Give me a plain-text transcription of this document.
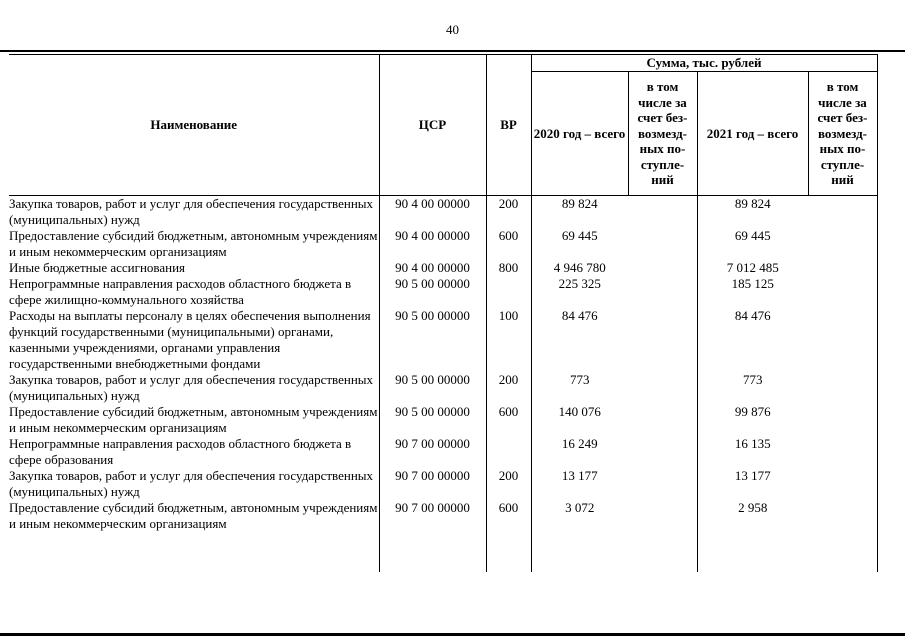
40
Наименование	ЦСР	ВР	Сумма, тыс. рублей			
			2020 год – всего	в том числе за счет без-возмезд-ных по-ступле-ний	2021 год – всего	в том числе за счет без-возмезд-ных по-ступле-ний
Закупка товаров, работ и услуг для обеспечения государственных (муниципальных) нужд	90 4 00 00000	200	89 824		89 824	
Предоставление субсидий бюджетным, автономным учреждениям и иным некоммерческим организациям	90 4 00 00000	600	69 445		69 445	
Иные бюджетные ассигнования	90 4 00 00000	800	4 946 780		7 012 485	
Непрограммные направления расходов областного бюджета в сфере жилищно-коммунального хозяйства	90 5 00 00000		225 325		185 125	
Расходы на выплаты персоналу в целях обеспечения выполнения функций государственными (муниципальными) органами, казенными учреждениями, органами управления государственными внебюджетными фондами	90 5 00 00000	100	84 476		84 476	
Закупка товаров, работ и услуг для обеспечения государственных (муниципальных) нужд	90 5 00 00000	200	773		773	
Предоставление субсидий бюджетным, автономным учреждениям и иным некоммерческим организациям	90 5 00 00000	600	140 076		99 876	
Непрограммные направления расходов областного бюджета в сфере образования	90 7 00 00000		16 249		16 135	
Закупка товаров, работ и услуг для обеспечения государственных (муниципальных) нужд	90 7 00 00000	200	13 177		13 177	
Предоставление субсидий бюджетным, автономным учреждениям и иным некоммерческим организациям	90 7 00 00000	600	3 072		2 958	
